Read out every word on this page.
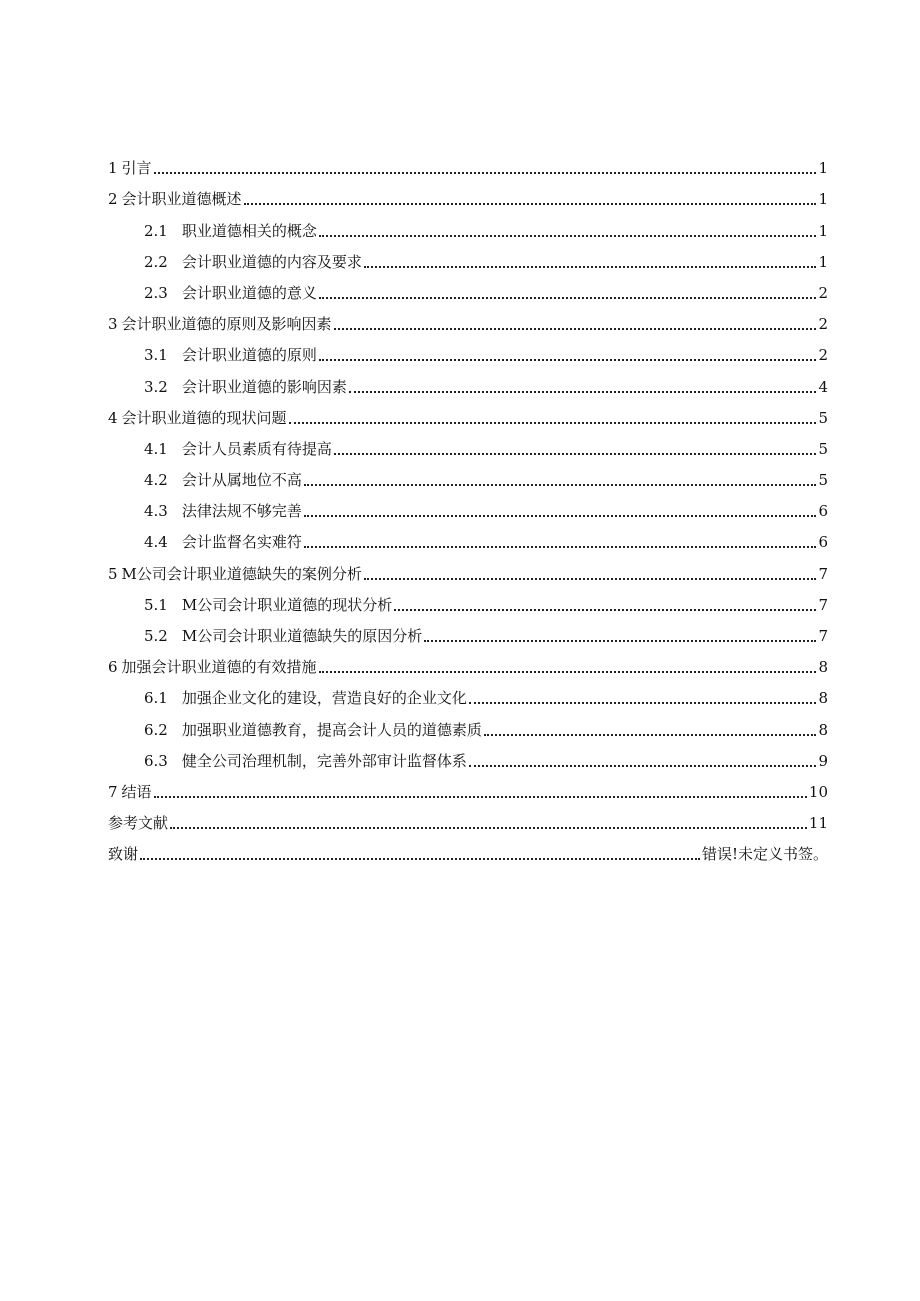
1 引言	1
2 会计职业道德概述	1
2.1 职业道德相关的概念	1
2.2 会计职业道德的内容及要求	1
2.3 会计职业道德的意义	2
3 会计职业道德的原则及影响因素	2
3.1 会计职业道德的原则	2
3.2 会计职业道德的影响因素	4
4 会计职业道德的现状问题	5
4.1 会计人员素质有待提高	5
4.2 会计从属地位不高	5
4.3 法律法规不够完善	6
4.4 会计监督名实难符	6
5 M公司会计职业道德缺失的案例分析	7
5.1 M公司会计职业道德的现状分析	7
5.2 M公司会计职业道德缺失的原因分析	7
6 加强会计职业道德的有效措施	8
6.1 加强企业文化的建设，营造良好的企业文化	8
6.2 加强职业道德教育，提高会计人员的道德素质	8
6.3 健全公司治理机制，完善外部审计监督体系	9
7 结语	10
参考文献	11
致谢	错误!未定义书签。
